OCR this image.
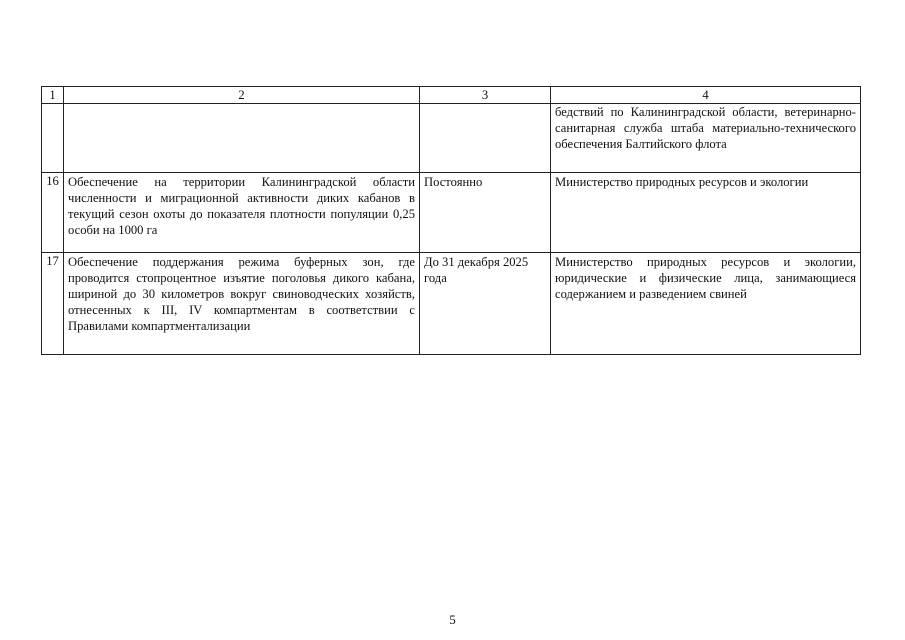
1	2	3	4
			бедствий по Калининградской области, ветеринарно-санитарная служба штаба материально-технического обеспечения Балтийского флота
16	Обеспечение на территории Калининградской области численности и миграционной активности диких кабанов в текущий сезон охоты до показателя плотности популяции 0,25 особи на 1000 га	Постоянно	Министерство природных ресурсов и экологии
17	Обеспечение поддержания режима буферных зон, где проводится стопроцентное изъятие поголовья дикого кабана, шириной до 30 километров вокруг свиноводческих хозяйств, отнесенных к III, IV компартментам в соответствии с Правилами компартментализации	До 31 декабря 2025 года	Министерство природных ресурсов и экологии, юридические и физические лица, занимающиеся содержанием и разведением свиней
5
